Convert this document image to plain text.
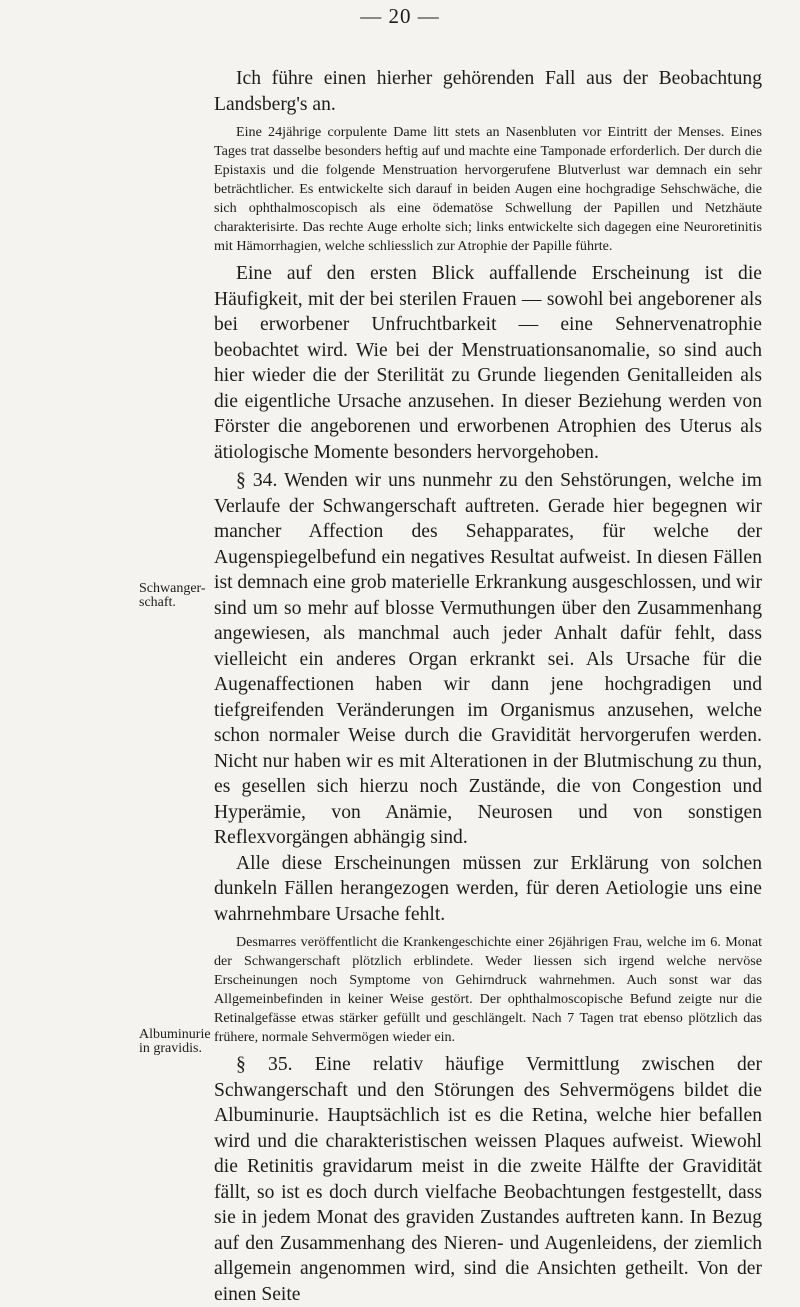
— 20 —
Schwanger-schaft.
Albuminurie in gravidis.

Ich führe einen hierher gehörenden Fall aus der Beobachtung Landsberg's an.

Eine 24jährige corpulente Dame litt stets an Nasenbluten vor Eintritt der Menses. Eines Tages trat dasselbe besonders heftig auf und machte eine Tamponade erforderlich. Der durch die Epistaxis und die folgende Menstruation hervorgerufene Blutverlust war demnach ein sehr beträchtlicher. Es entwickelte sich darauf in beiden Augen eine hochgradige Sehschwäche, die sich ophthalmoscopisch als eine ödematöse Schwellung der Papillen und Netzhäute charakterisirte. Das rechte Auge erholte sich; links entwickelte sich dagegen eine Neuroretinitis mit Hämorrhagien, welche schliesslich zur Atrophie der Papille führte.

Eine auf den ersten Blick auffallende Erscheinung ist die Häufigkeit, mit der bei sterilen Frauen — sowohl bei angeborener als bei erworbener Unfruchtbarkeit — eine Sehnervenatrophie beobachtet wird. Wie bei der Menstruationsanomalie, so sind auch hier wieder die der Sterilität zu Grunde liegenden Genitalleiden als die eigentliche Ursache anzusehen. In dieser Beziehung werden von Förster die angeborenen und erworbenen Atrophien des Uterus als ätiologische Momente besonders hervorgehoben.

§ 34. Wenden wir uns nunmehr zu den Sehstörungen, welche im Verlaufe der Schwangerschaft auftreten. Gerade hier begegnen wir mancher Affection des Sehapparates, für welche der Augenspiegelbefund ein negatives Resultat aufweist. In diesen Fällen ist demnach eine grob materielle Erkrankung ausgeschlossen, und wir sind um so mehr auf blosse Vermuthungen über den Zusammenhang angewiesen, als manchmal auch jeder Anhalt dafür fehlt, dass vielleicht ein anderes Organ erkrankt sei. Als Ursache für die Augenaffectionen haben wir dann jene hochgradigen und tiefgreifenden Veränderungen im Organismus anzusehen, welche schon normaler Weise durch die Gravidität hervorgerufen werden. Nicht nur haben wir es mit Alterationen in der Blutmischung zu thun, es gesellen sich hierzu noch Zustände, die von Congestion und Hyperämie, von Anämie, Neurosen und von sonstigen Reflexvorgängen abhängig sind.

Alle diese Erscheinungen müssen zur Erklärung von solchen dunkeln Fällen herangezogen werden, für deren Aetiologie uns eine wahrnehmbare Ursache fehlt.

Desmarres veröffentlicht die Krankengeschichte einer 26jährigen Frau, welche im 6. Monat der Schwangerschaft plötzlich erblindete. Weder liessen sich irgend welche nervöse Erscheinungen noch Symptome von Gehirndruck wahrnehmen. Auch sonst war das Allgemeinbefinden in keiner Weise gestört. Der ophthalmoscopische Befund zeigte nur die Retinalgefässe etwas stärker gefüllt und geschlängelt. Nach 7 Tagen trat ebenso plötzlich das frühere, normale Sehvermögen wieder ein.

§ 35. Eine relativ häufige Vermittlung zwischen der Schwangerschaft und den Störungen des Sehvermögens bildet die Albuminurie. Hauptsächlich ist es die Retina, welche hier befallen wird und die charakteristischen weissen Plaques aufweist. Wiewohl die Retinitis gravidarum meist in die zweite Hälfte der Gravidität fällt, so ist es doch durch vielfache Beobachtungen festgestellt, dass sie in jedem Monat des graviden Zustandes auftreten kann. In Bezug auf den Zusammenhang des Nieren- und Augenleidens, der ziemlich allgemein angenommen wird, sind die Ansichten getheilt. Von der einen Seite
